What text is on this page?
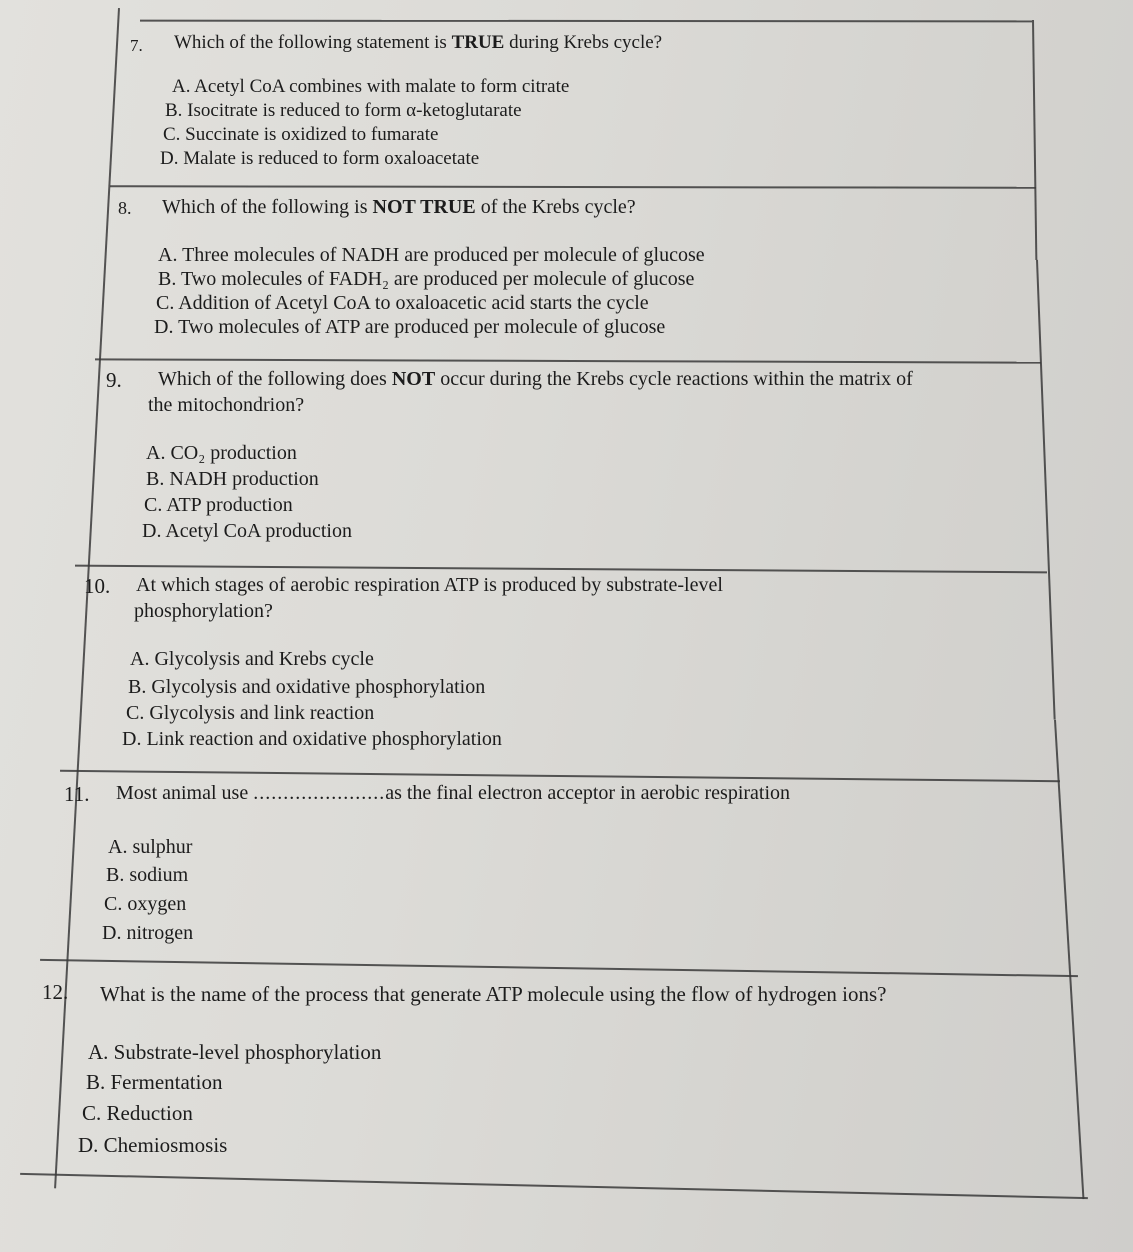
7. Which of the following statement is TRUE during Krebs cycle?
A. Acetyl CoA combines with malate to form citrate
B. Isocitrate is reduced to form α-ketoglutarate
C. Succinate is oxidized to fumarate
D. Malate is reduced to form oxaloacetate
8. Which of the following is NOT TRUE of the Krebs cycle?
A. Three molecules of NADH are produced per molecule of glucose
B. Two molecules of FADH₂ are produced per molecule of glucose
C. Addition of Acetyl CoA to oxaloacetic acid starts the cycle
D. Two molecules of ATP are produced per molecule of glucose
9. Which of the following does NOT occur during the Krebs cycle reactions within the matrix of
the mitochondrion?
A. CO₂ production
B. NADH production
C. ATP production
D. Acetyl CoA production
10. At which stages of aerobic respiration ATP is produced by substrate-level
phosphorylation?
A. Glycolysis and Krebs cycle
B. Glycolysis and oxidative phosphorylation
C. Glycolysis and link reaction
D. Link reaction and oxidative phosphorylation
11. Most animal use ......................as the final electron acceptor in aerobic respiration
A. sulphur
B. sodium
C. oxygen
D. nitrogen
12. What is the name of the process that generate ATP molecule using the flow of hydrogen ions?
A. Substrate-level phosphorylation
B. Fermentation
C. Reduction
D. Chemiosmosis
